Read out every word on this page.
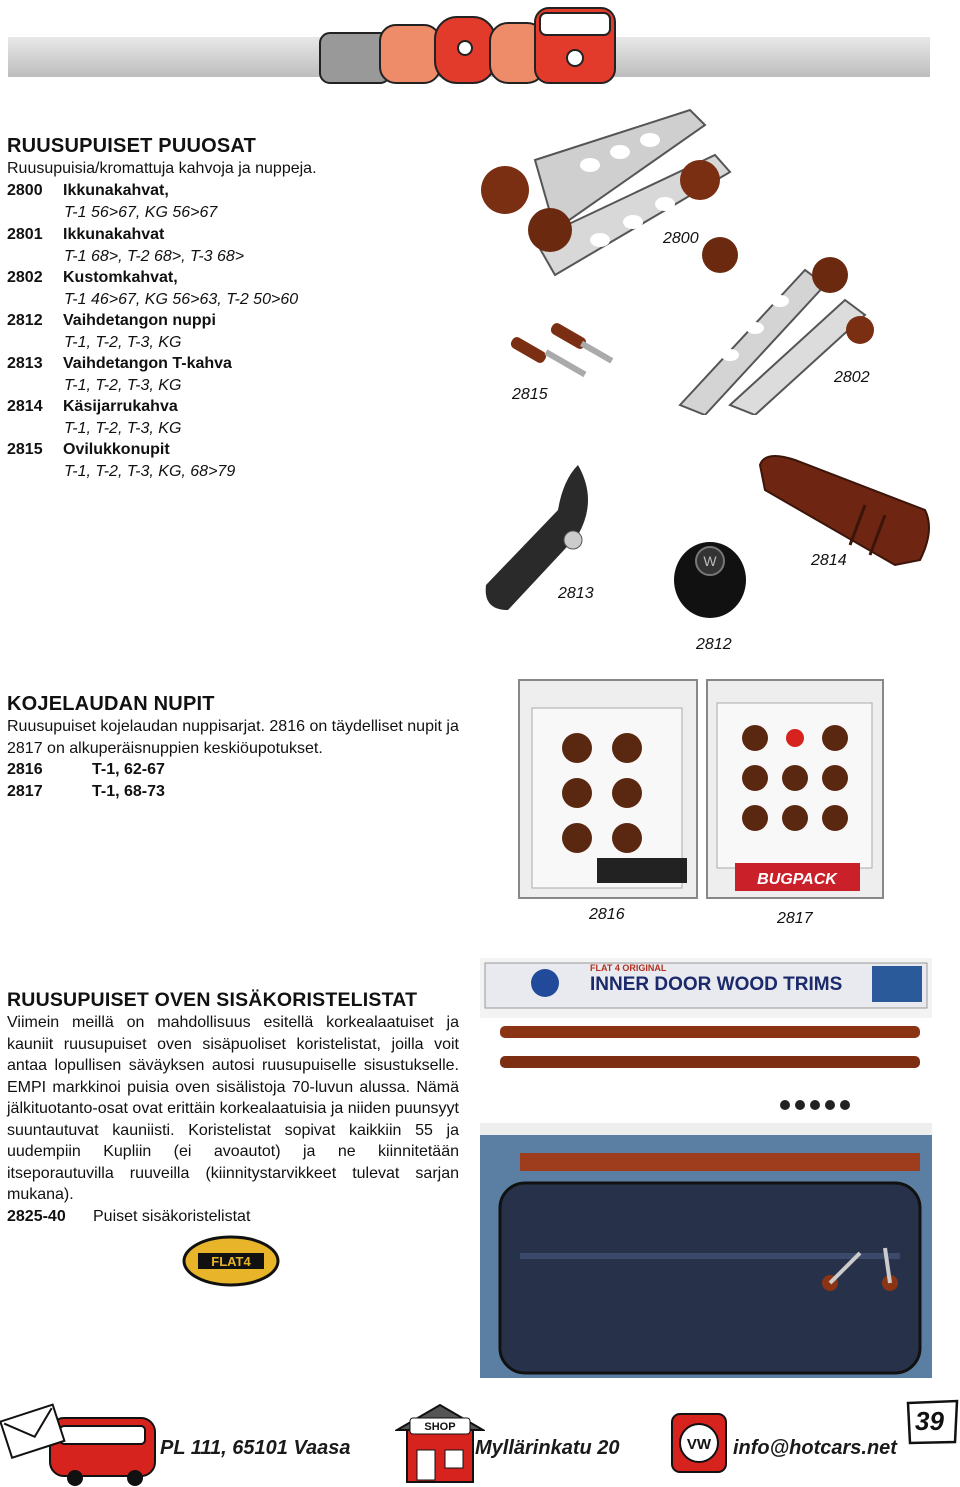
RUUSUPUISET PUUOSAT
Ruusupuisia/kromattuja kahvoja ja nuppeja.
2800 Ikkunakahvat,
T-1 56>67, KG 56>67
2801 Ikkunakahvat
T-1 68>, T-2 68>, T-3 68>
2802 Kustomkahvat,
T-1 46>67, KG 56>63, T-2 50>60
2812 Vaihdetangon nuppi
T-1, T-2, T-3, KG
2813 Vaihdetangon T-kahva
T-1, T-2, T-3, KG
2814 Käsijarrukahva
T-1, T-2, T-3, KG
2815 Ovilukkonupit
T-1, T-2, T-3, KG, 68>79
W
2800
2815
2802
2814
2813
2812
KOJELAUDAN NUPIT
Ruusupuiset kojelaudan nuppisarjat. 2816 on täydelliset nupit ja 2817 on alkuperäisnuppien keskiöupotukset.
2816	T-1, 62-67
2817	T-1, 68-73
BUGPACK
2816	2817
RUUSUPUISET OVEN SISÄKORISTELISTAT
Viimein meillä on mahdollisuus esitellä korkealaatuiset ja kauniit ruusupuiset oven sisäpuoliset koristelistat, joilla voit antaa lopullisen säväyksen autosi ruusupuiselle sisustukselle. EMPI markkinoi puisia oven sisälistoja 70-luvun alussa. Nämä jälkituotanto-osat ovat erittäin korkealaatuisia ja niiden puunsyyt suuntautuvat kauniisti. Koristelistat sopivat kaikkiin 55 ja uudempiin Kupliin (ei avoautot) ja ne kiinnitetään itseporautuvilla ruuveilla (kiinnitystarvikkeet tulevat sarjan mukana).
2825-40 Puiset sisäkoristelistat
FLAT4
FLAT 4 ORIGINAL
INNER DOOR WOOD TRIMS
PL 111, 65101 Vaasa
SHOP
Myllärinkatu 20	VW info@hotcars.net
39
